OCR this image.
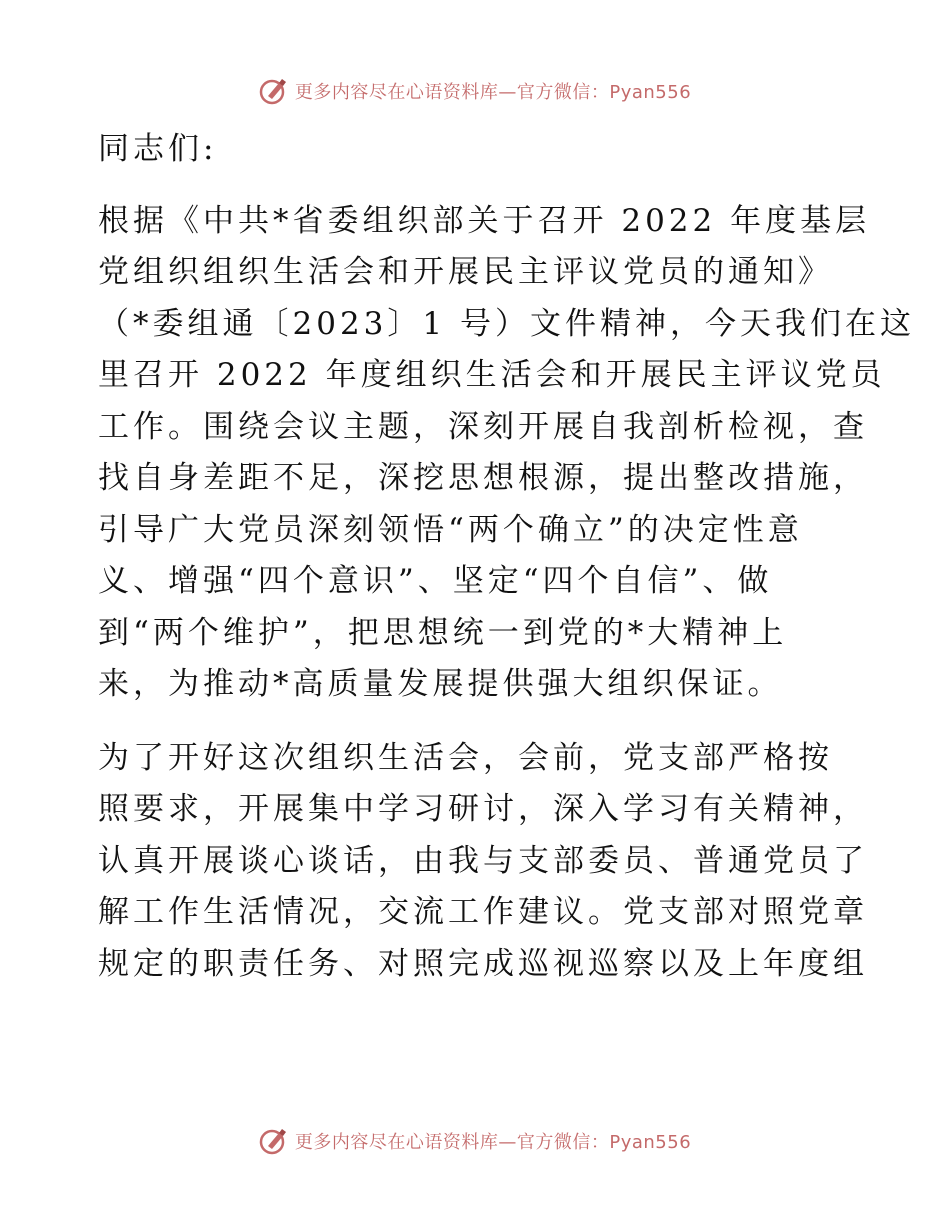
更多内容尽在心语资料库—官方微信：Pyan556

同志们:

根据《中共*省委组织部关于召开 2022 年度基层
党组织组织生活会和开展民主评议党员的通知》
（*委组通〔2023〕1 号）文件精神，今天我们在这
里召开 2022 年度组织生活会和开展民主评议党员
工作。围绕会议主题，深刻开展自我剖析检视，查
找自身差距不足，深挖思想根源，提出整改措施，
引导广大党员深刻领悟“两个确立”的决定性意
义、增强“四个意识”、坚定“四个自信”、做
到“两个维护”，把思想统一到党的*大精神上
来，为推动*高质量发展提供强大组织保证。

为了开好这次组织生活会，会前，党支部严格按
照要求，开展集中学习研讨，深入学习有关精神，
认真开展谈心谈话，由我与支部委员、普通党员了
解工作生活情况，交流工作建议。党支部对照党章
规定的职责任务、对照完成巡视巡察以及上年度组

更多内容尽在心语资料库—官方微信：Pyan556
